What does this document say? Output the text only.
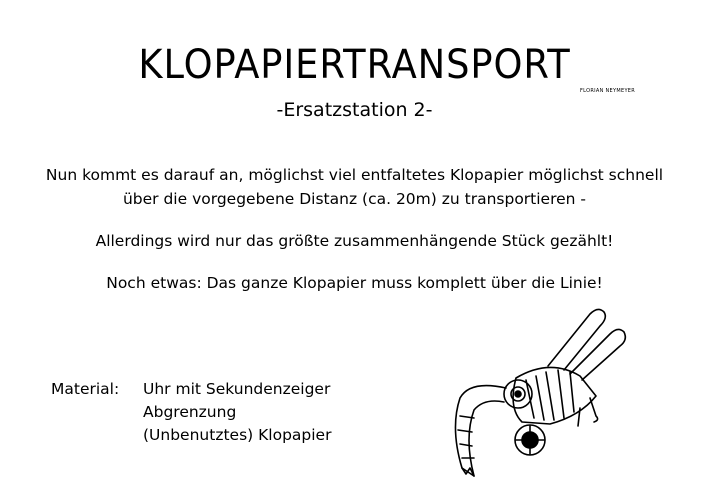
KLOPAPIERTRANSPORT
FLORIAN NEYMEYER
-Ersatzstation 2-
Nun kommt es darauf an, möglichst viel entfaltetes Klopapier möglichst schnell
über die vorgegebene Distanz (ca. 20m) zu transportieren -
Allerdings wird nur das größte zusammenhängende Stück gezählt!
Noch etwas: Das ganze Klopapier muss komplett über die Linie!
Material: Uhr mit Sekundenzeiger
Abgrenzung
(Unbenutztes) Klopapier
